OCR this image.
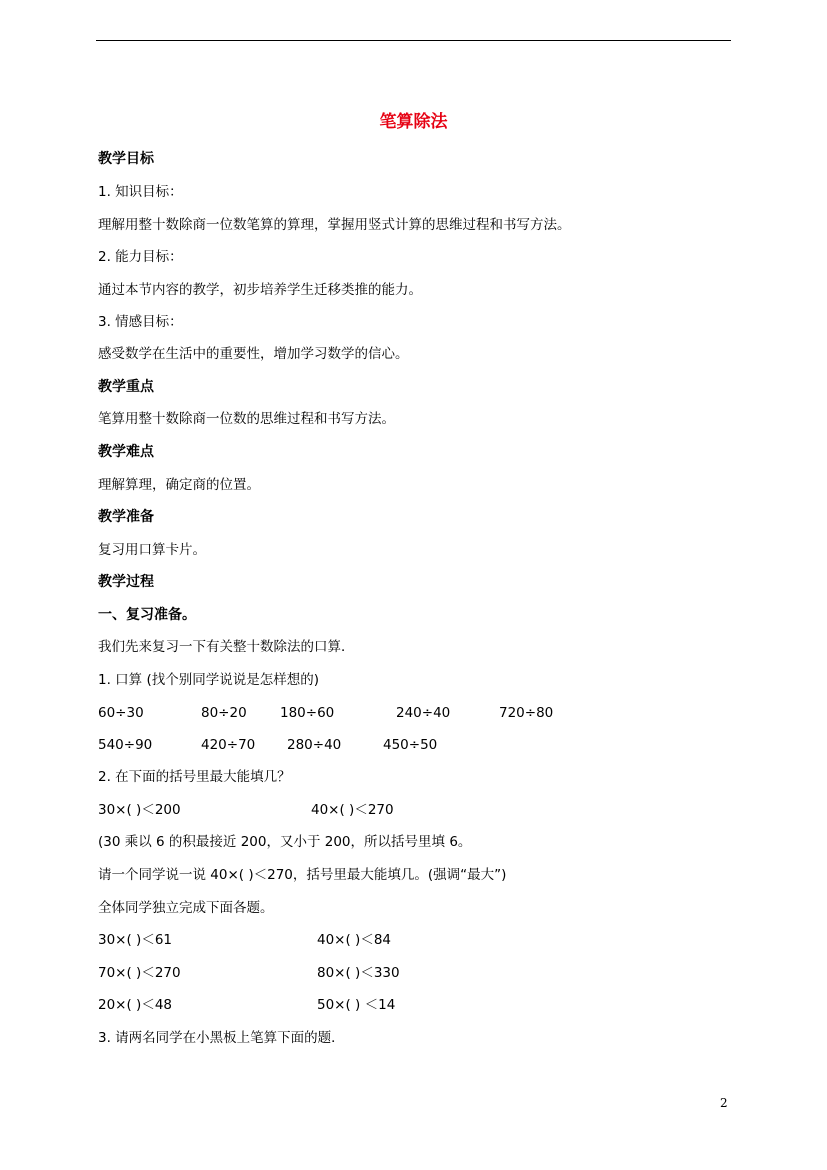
笔算除法
教学目标
1. 知识目标：
理解用整十数除商一位数笔算的算理，掌握用竖式计算的思维过程和书写方法。
2. 能力目标：
通过本节内容的教学，初步培养学生迁移类推的能力。
3. 情感目标：
感受数学在生活中的重要性，增加学习数学的信心。
教学重点
笔算用整十数除商一位数的思维过程和书写方法。
教学难点
理解算理，确定商的位置。
教学准备
复习用口算卡片。
教学过程
一、复习准备。
我们先来复习一下有关整十数除法的口算．
1. 口算 (找个别同学说说是怎样想的)
60÷30	80÷20 180÷60	240÷40	720÷80
540÷90	420÷70 280÷40	450÷50
2. 在下面的括号里最大能填几？
30×( )＜200	40×( )＜270
(30 乘以 6 的积最接近 200，又小于 200，所以括号里填 6。
请一个同学说一说 40×( )＜270，括号里最大能填几。(强调“最大”)
全体同学独立完成下面各题。
30×( )＜61	40×( )＜84
70×( )＜270	80×( )＜330
20×( )＜48	50×( ) ＜14
3. 请两名同学在小黑板上笔算下面的题．
2
